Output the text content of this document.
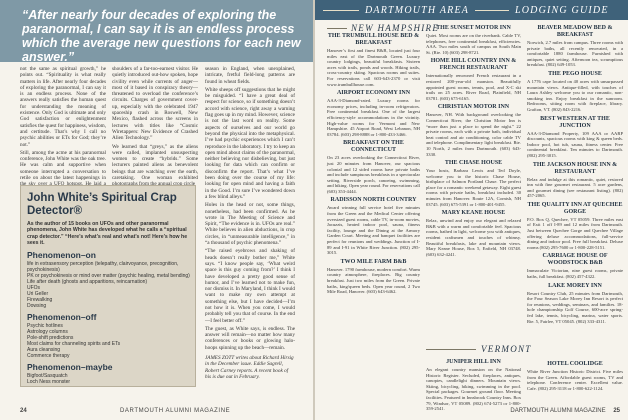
“After nearly four decades of exploring the paranormal, I can say it is an endless process which the average new questions for each new answer.”

not the same as spiritual growth,” he points out. “Spirituality is what really matters in life. After nearly four decades of exploring the paranormal, I can say it is an endless process. None of the answers really satisfies the human quest for understanding the meaning of existence. Only God is ultimate and only God satisfaction or enlightenment satisfies the quest for happiness, wisdom, and certitude. That’s why I call no psychic abilities or ETs for God; they’re not.”

Still, among the acme at his paranormal conference, John White was the oak tree. He was calm and supportive when someone interrupted a conversation to retile on about the latest happenings in

shoulders of a far-too-earnest visitor. He quietly introduced out-how spoken, hope civility even while currents of anger—most of it based in conspiracy theory—threatened to overload the conference’s circuits. Charges of government cover-up, especially with the celebrated 1947 spaceship crash in Roswell, New Mexico, flashed across the screens in lectures with titles like “Cosmic Wiretappers: New Evidence of Crashed Alien Technology.”

We learned that “greys,” as the aliens were called, implanted unsuspecting women to create “hybrids.” Some lecturers painted aliens as benevolent beings that are watching over the earth, caretaking. One woman exhibited

season in England, when unexplained, intricate, fretful field-long patterns are found in wheat fields.

White sheeps off suggestions that he might be misguided. “I have a great deal of respect for science, so if something doesn’t accord with science, right away a warning flag goes up in my mind. However, science is not the last word on reality. Some aspects of ourselves and our world go beyond the physical into the metaphysical. I’ve had psychic experiences which I can’t reproduce in the laboratory. I try to keep an open mind about claims of the paranormal, neither believing nor disbelieving, but just looking for data which can confirm or disconfirm the report. That’s what I’ve been doing over the course of my life: looking for open mind and having a faith in the Good. I’m sure I’ve wondered down a few blind alleys.”

Holes in the head or not, some things, nonetheless, had been confirmed. As he wrote in The Meeting of Science and Spirit, “The evidence is in. UFOs are real.” White believes in alien abductions, in crop circles, in “unmeasurable intelligence,” in “a thousand of psychic phenomena.”

“The raised eyebrows and shaking of heads doesn’t really bother me,” White says. “I know people say, ‘What weird space is this guy coming from?’ I think I have developed a pretty good sense of humor, and I’ve learned not to make fun, nor dismiss it. In Maryland, I think I would want to make my own attempt at something else, but I have decided—I’m not how it is. When you come, I would probably tell you that of course. In the end—I feel better off.”

The guest, as White says, is endless. The answer will remain—no matter how many conferences or books or glowing halo-hoops spinning up the beach—remain.

John White’s Spiritual Crap Detector®
As the author of 15 books on UFOs and other paranormal phenomena, John White has developed what he calls a “spiritual crap detector.” “Here’s what’s real and what’s not! Here’s how he sees it.
Phenomenon–on
life in extrasensory perception (telepathy, clairvoyance, precognition, psychokinesis)
PK or psychokinesis or mind over matter (psychic healing, metal bending)
Life after death (ghosts and apparitions, reincarnation)
UFOs
Uri Geller
Firewalking
Dowsing
Phenomenon–off
Psychic hotlines
Astrology columns
Pole-shift predictions
Most claims for channeling spirits and ETs
Aura cleansing
Commerce therapy
Phenomenon–maybe
Bigfoot/Sasquatch
Loch Ness monster
JAMES ZOTT writes about Richard Hirsig in the December issue. Eddie Sagrell, Robert Carney reports. A recent book of his is due out in February.
24	DARTMOUTH ALUMNI MAGAZINE
DARTMOUTH AREA	LODGING GUIDE
NEW HAMPSHIRE
THE TRUMBULL HOUSE BED & BREAKFAST

Hanover’s first and finest B&B, located just four miles east of the Dartmouth Green. Luxury country lodgings, beautiful breakfasts. Sixteen acres with trails, ponds and woods. Hiking trails, cross-country skiing. Spacious rooms and suites. For reservations call 603-643-2370 or visit www.trumbullhouse.com.

AIRPORT ECONOMY INN

AAA-3-Diamond-rated. Luxury rooms for economy prices, including in-room refrigerators. Free continental breakfast. One of the largest efficiency-style accommodations in the vicinity. High-value rooms for Vermont and New Hampshire. 45 Airport Road, West Lebanon, NH 03784. (603) 298-8888 or 1-800-433-3466.

BREAKFAST ON THE CONNECTICUT

On 23 acres overlooking the Connecticut River, just 20 minutes from Hanover, our spacious colonial and 12 sided rooms have private baths and include sumptuous breakfasts in a spectacular setting. Riverside porch, canoeing, swimming, and hiking. Open year round. For reservations call (603) 353-4444.

RADISSON NORTH COUNTRY

Award winning full service hotel five minutes from the Green and the Medical Center offering oversized guest rooms, cable TV, in-room movies, Jacuzzis, heated indoor pool, sauna, fitness facility, lounge and the Dining at the Armory Garden Court. Meeting and banquet facilities are perfect for reunions and weddings. Junction of I-89 and I-91 in White River Junction. (802) 295-3015.

TWO MILE FARM B&B

Hanover. 1790 farmhouse, modern comfort. Warm country atmosphere, fireplaces. Big country breakfast. Just two miles from the Green. Private baths, king/queen beds. Open year round, 2 Two Mile Road, Hanover. (603) 643-6462.

THE SUNSET MOTOR INN

Quiet. Most rooms are on the riverbank. Cable TV, telephones, free continental breakfast, efficiencies. AAA. Two miles south of campus on South Main St. (Rte. 10) (603) 298-8721.

HOME HILL COUNTRY INN & FRENCH RESTAURANT

Internationally renowned French restaurant in a restored 200-year-old mansion. Beautifully appointed guest rooms, tennis, pool, and X-C ski trails on 25 acres. River Road, Plainfield, NH 03781. (603) 675-6165.

CHRISTIAN MOTOR INN

Hanover, NH. With background overlooking the Connecticut River, the Chrisitan Motor Inn is “more than just a place to spend the night.” 22 private rooms, each with a private bath, individual heat control and air conditioning, color cable TV and telephone. Complimentary light breakfast. Rte. 10 North, 2 miles from Dartmouth. (603) 643-3330.

THE CHASE HOUSE

Your hosts, Barbara Lewis and Ted Doyle, welcome you to the historic Chase House, birthplace of Salmon Portland Chase. The perfect place for a romantic weekend getaway. Eight guest rooms with private baths, breakfast included. 30 minutes from Hanover. Route 12A, Cornish, NH 03745. (603) 675-5391 or 1-800-401-9455.

MARY KEANE HOUSE

Relax, unwind and enjoy our elegant and relaxed B&B with a warm and comfortable feel. Spacious rooms, bathed in light, welcome you with antiques, resident craftsmen and touches of whimsy. Beautiful breakfasts, lake and mountain views. Mary Keane House, Box 5, Enfield, NH 03748. (603) 632-4241.

VERMONT
JUNIPER HILL INN

An elegant country mansion on the National Historic Register. Secluded, fireplaces, antiques, canopies, candlelight dinners. Mountain views. Skiing, bicycling, hiking, swimming in the pool. Special packages. Gourmet ground floor. Meeting facilities. Featured in Innsbrook Country Inns. Box 79, Windsor, VT 05089. (802) 674-5273 or 1-800-359-2541.

BEAVER MEADOW BED & BREAKFAST

Norwich, 2.7 miles from campus. Three rooms with private baths, all recently renovated, in a comfortable 1880 farmhouse. Furnished with antiques, quiet setting. Afternoon tea, scrumptious breakfast. (802) 649-1053.

THE PEGO HOUSE

A 1776 cape located on 40 acres with unsurpassed mountain views. Antique-filled, with touches of Laura Ashley welcome you to our romantic, non-smoking inn. Enjoy breakfast in the sunroom. Bedrooms, sitting room with fireplace, library. Grafton, VT. (802) 843-2216.

BEST WESTERN AT THE JUNCTION

AAA-3-Diamond Property, 109 AAA or AARP discounts, spacious rooms with king & queen beds. Indoor pool, hot tub, sauna, fitness center. Free continental breakfast. Ten minutes to Dartmouth. (802) 295-3015.

THE JACKSON HOUSE INN & RESTAURANT

Relax and indulge at this romantic, quiet, restored inn with fine gourmet restaurant. 5 acre gardens, and gourmet dining (see restaurant listing). (802) 457-2065.

THE QUALITY INN AT QUECHEE GORGE

P.O. Box Q, Quechee, VT 05059. Three miles east of Exit 1 off I-89 and 12 miles from Dartmouth. Just between Quechee Gorge and Quechee Village offering deluxe accommodations, full-service dining and indoor pool. Free full breakfast. Deluxe rooms (802) 295-7600 or 1-800-228-5151.

CARRIAGE HOUSE OF WOODSTOCK B&B

Immaculate Victorian, nine guest rooms, private baths, full breakfast. (802) 457-4322.

LAKE MOREY INN

Resort Country Club, 25 minutes from Dartmouth, the Four Season Lake Morey Inn Resort is perfect for reunions, weddings, seminars, and families. 18-hole championship Golf Course, 600-acre spring-fed lake, tennis, bicycling, marina, water sports. Rte. 5, Fairlee, VT 05045. (802) 333-4311.

HOTEL COOLIDGE

White River Junction Historic District. Five miles from the Green. Affordable guest rooms, TV and telephone. Conference center. Excellent value. Cafe. (802) 295-3118 or 1-800-622-1124.

DARTMOUTH ALUMNI MAGAZINE 25
